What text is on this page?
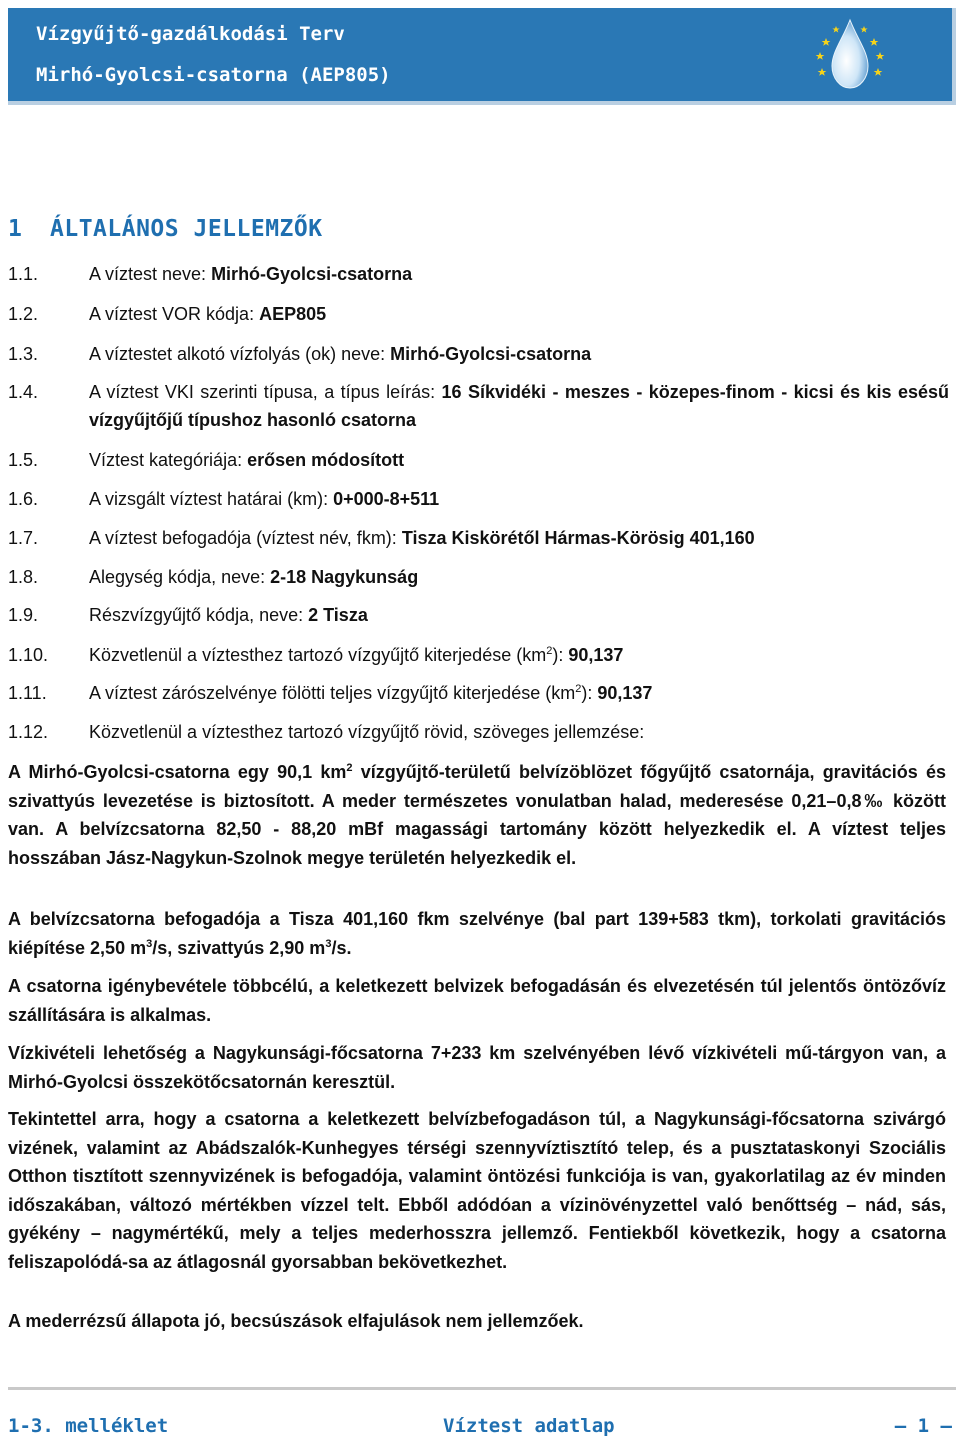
Vízgyűjtő-gazdálkodási Terv
Mirhó-Gyolcsi-csatorna (AEP805)
1 ÁLTALÁNOS JELLEMZŐK
1.1.	A víztest neve: Mirhó-Gyolcsi-csatorna
1.2.	A víztest VOR kódja: AEP805
1.3.	A víztestet alkotó vízfolyás (ok) neve: Mirhó-Gyolcsi-csatorna
1.4.	A víztest VKI szerinti típusa, a típus leírás: 16 Síkvidéki - meszes - közepes-finom - kicsi és kis esésű vízgyűjtőjű típushoz hasonló csatorna
1.5.	Víztest kategóriája: erősen módosított
1.6.	A vizsgált víztest határai (km): 0+000-8+511
1.7.	A víztest befogadója (víztest név, fkm): Tisza Kiskörétől Hármas-Körösig 401,160
1.8.	Alegység kódja, neve: 2-18 Nagykunság
1.9.	Részvízgyűjtő kódja, neve: 2 Tisza
1.10. Közvetlenül a víztesthez tartozó vízgyűjtő kiterjedése $(km^2)$: 90,137
1.11. A víztest zárószelvénye fölötti teljes vízgyűjtő kiterjedése $(km^2)$: 90,137
1.12. Közvetlenül a víztesthez tartozó vízgyűjtő rövid, szöveges jellemzése:
A Mirhó-Gyolcsi-csatorna egy 90,1 $km^2$ vízgyűjtő-területű belvízöblözet főgyűjtő csatornája, gravitációs és szivattyús levezetése is biztosított. A meder természetes vonulatban halad, mederesése 0,21–0,8‰ között van. A belvízcsatorna 82,50 - 88,20 mBf magassági tartomány között helyezkedik el. A víztest teljes hosszában Jász-Nagykun-Szolnok megye területén helyezkedik el.
A belvízcsatorna befogadója a Tisza 401,160 fkm szelvénye (bal part 139+583 tkm), torkolati gravitációs kiépítése 2,50 $m^3/s$, szivattyús 2,90 $m^3/s$.
A csatorna igénybevétele többcélú, a keletkezett belvizek befogadásán és elvezetésén túl jelentős öntözővíz szállítására is alkalmas.
Vízkivételi lehetőség a Nagykunsági-főcsatorna 7+233 km szelvényében lévő vízkivételi mű-tárgyon van, a Mirhó-Gyolcsi összekötőcsatornán keresztül.
Tekintettel arra, hogy a csatorna a keletkezett belvízbefogadáson túl, a Nagykunsági-főcsatorna szivárgó vizének, valamint az Abádszalók-Kunhegyes térségi szennyvíztisztító telep, és a pusztataskonyi Szociális Otthon tisztított szennyvizének is befogadója, valamint öntözési funkciója is van, gyakorlatilag az év minden időszakában, változó mértékben vízzel telt. Ebből adódóan a vízinövényzettel való benőttség – nád, sás, gyékény – nagymértékű, mely a teljes mederhosszra jellemző. Fentiekből következik, hogy a csatorna feliszapolódá-sa az átlagosnál gyorsabban bekövetkezhet.
A mederrézsű állapota jó, becsúszások elfajulások nem jellemzőek.
1-3. melléklet	Víztest adatlap	– 1 –
